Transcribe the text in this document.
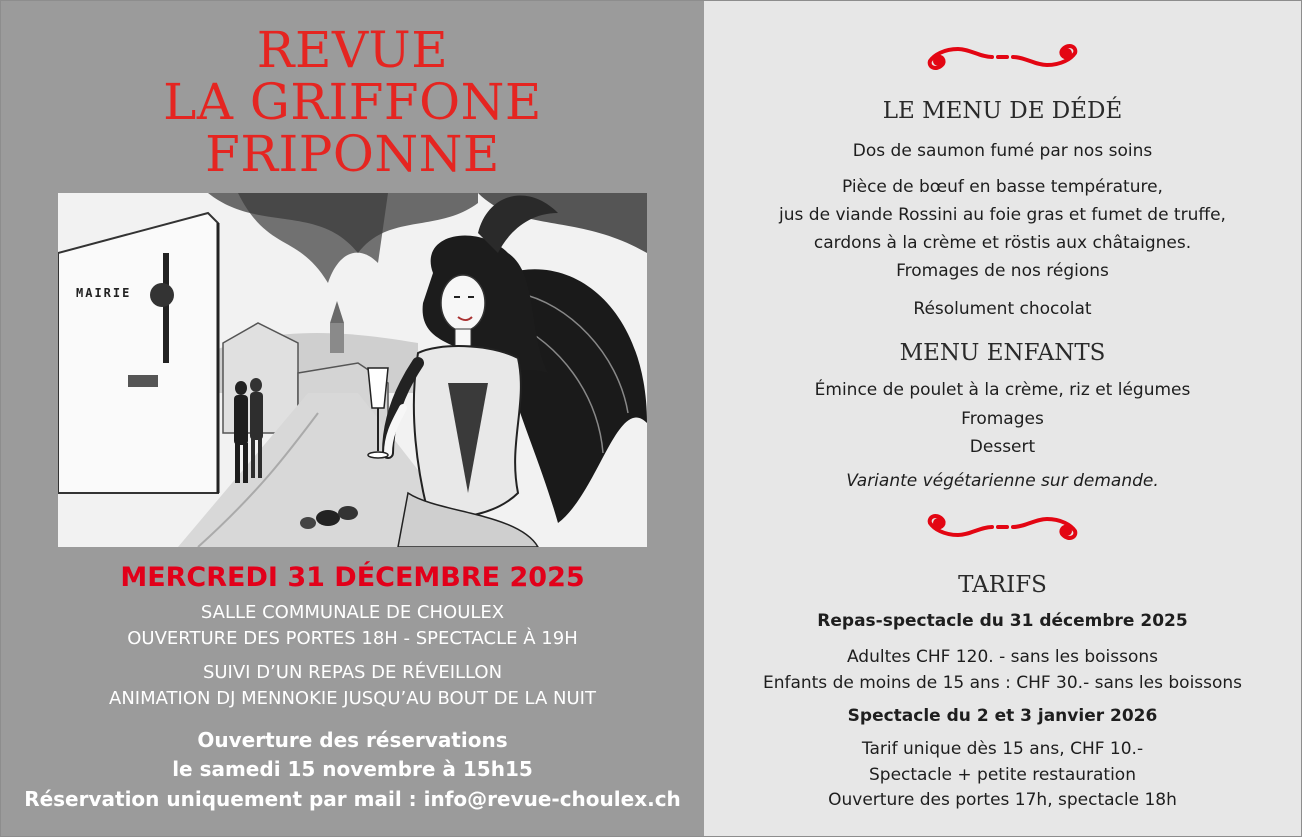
REVUE
LA GRIFFONE
FRIPONNE
MAIRIE
MERCREDI 31 DÉCEMBRE 2025
SALLE COMMUNALE DE CHOULEX
OUVERTURE DES PORTES 18H - SPECTACLE À 19H
SUIVI D’UN REPAS DE RÉVEILLON
ANIMATION DJ MENNOKIE JUSQU’AU BOUT DE LA NUIT
Ouverture des réservations
le samedi 15 novembre à 15h15
Réservation uniquement par mail : info@revue-choulex.ch
LE MENU DE DÉDÉ
Dos de saumon fumé par nos soins
Pièce de bœuf en basse température,
jus de viande Rossini au foie gras et fumet de truffe,
cardons à la crème et röstis aux châtaignes.
Fromages de nos régions
Résolument chocolat
MENU ENFANTS
Émince de poulet à la crème, riz et légumes
Fromages
Dessert
Variante végétarienne sur demande.
TARIFS
Repas-spectacle du 31 décembre 2025
Adultes CHF 120. - sans les boissons
Enfants de moins de 15 ans : CHF 30.- sans les boissons
Spectacle du 2 et 3 janvier 2026
Tarif unique dès 15 ans, CHF 10.-
Spectacle + petite restauration
Ouverture des portes 17h, spectacle 18h
